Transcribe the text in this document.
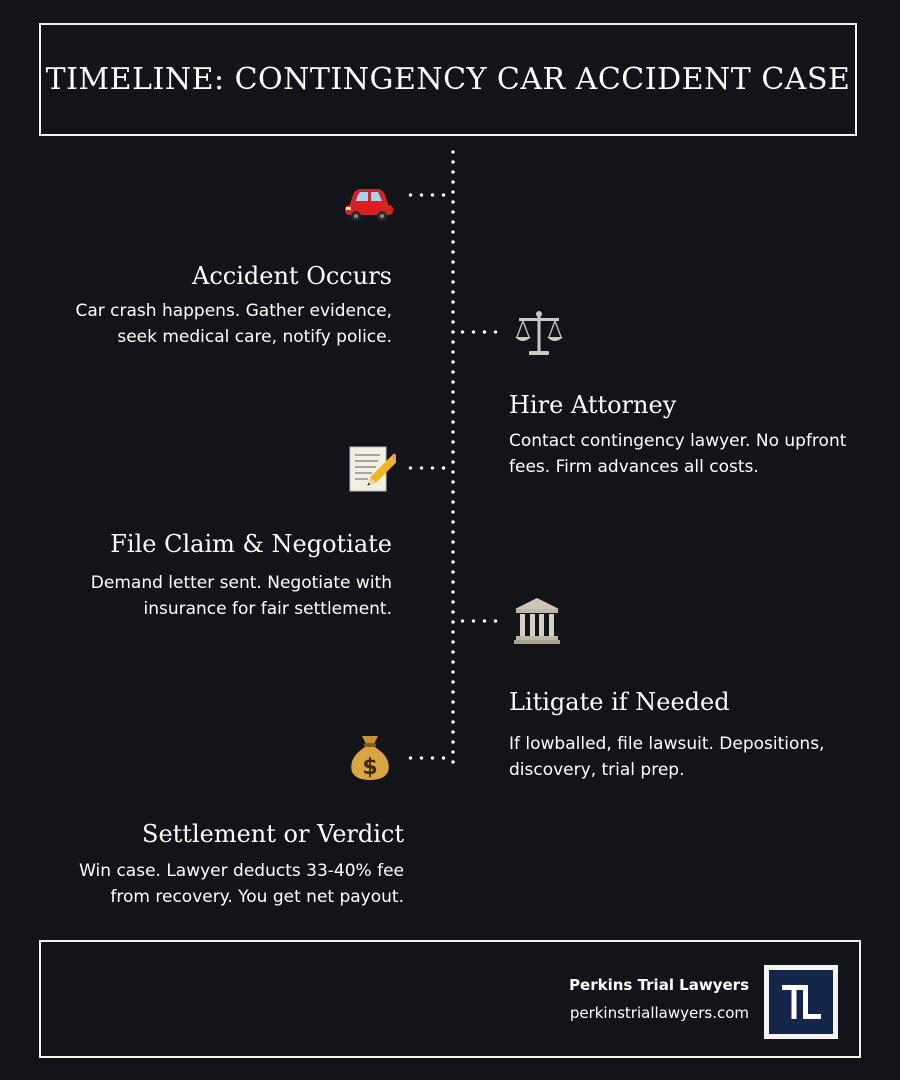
TIMELINE: CONTINGENCY CAR ACCIDENT CASE
Accident Occurs
Car crash happens. Gather evidence, seek medical care, notify police.
Hire Attorney
Contact contingency lawyer. No upfront fees. Firm advances all costs.
File Claim & Negotiate
Demand letter sent. Negotiate with insurance for fair settlement.
Litigate if Needed
If lowballed, file lawsuit. Depositions, discovery, trial prep.
$
Settlement or Verdict
Win case. Lawyer deducts 33-40% fee from recovery. You get net payout.
Perkins Trial Lawyers
perkinstriallawyers.com
